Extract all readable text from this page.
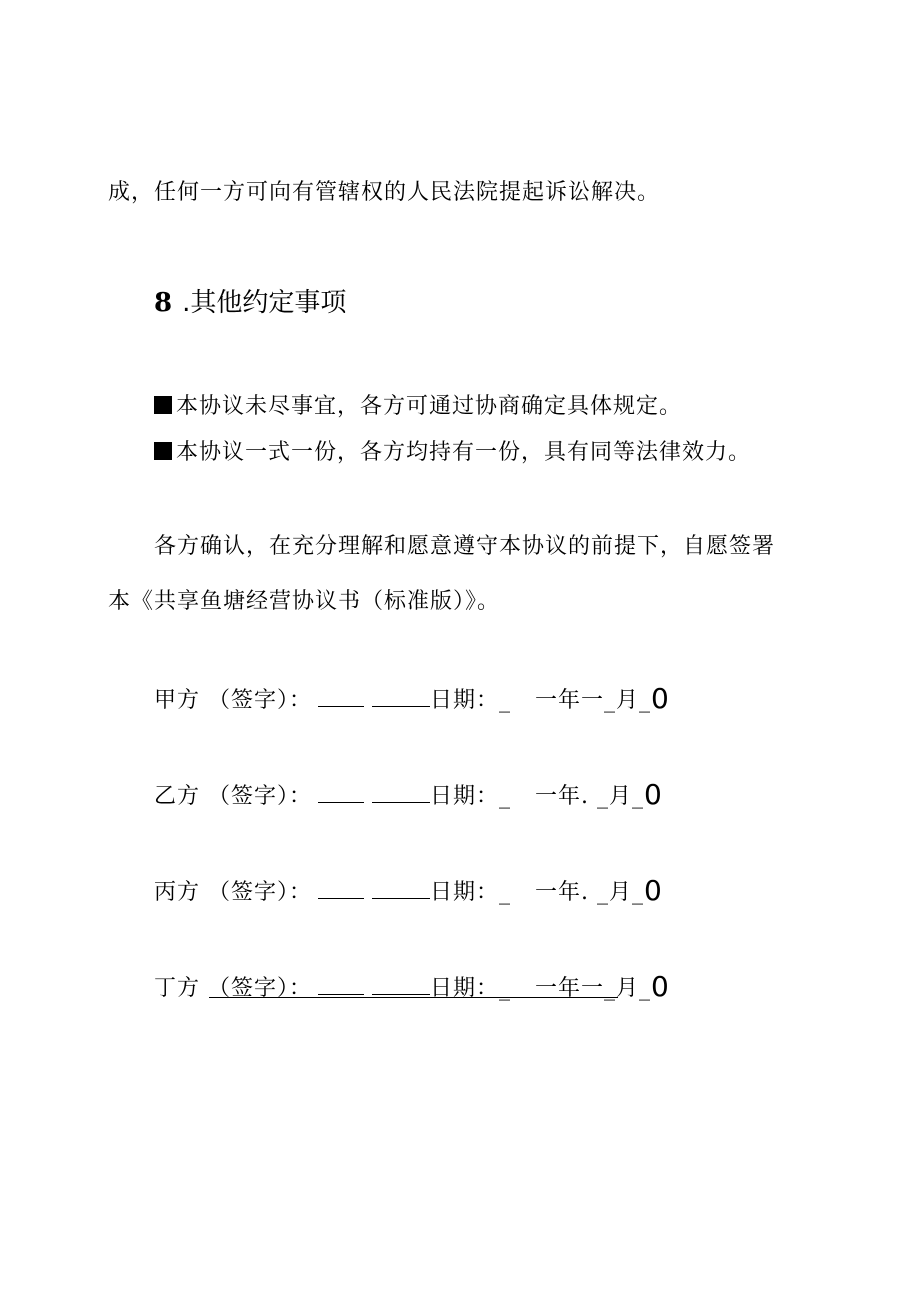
成，任何一方可向有管辖权的人民法院提起诉讼解决。
8 .其他约定事项
本协议未尽事宜，各方可通过协商确定具体规定。
本协议一式一份，各方均持有一份，具有同等法律效力。
各方确认，在充分理解和愿意遵守本协议的前提下，自愿签署
本《共享鱼塘经营协议书（标准版）》。
甲方 （签字）：	日期：_ 一年一_月_0
乙方 （签字）：	日期：_ 一年. _月_0
丙方 （签字）：	日期：_ 一年. _月_0
丁方 （签字）：	日期：_ 一年一_月_0
